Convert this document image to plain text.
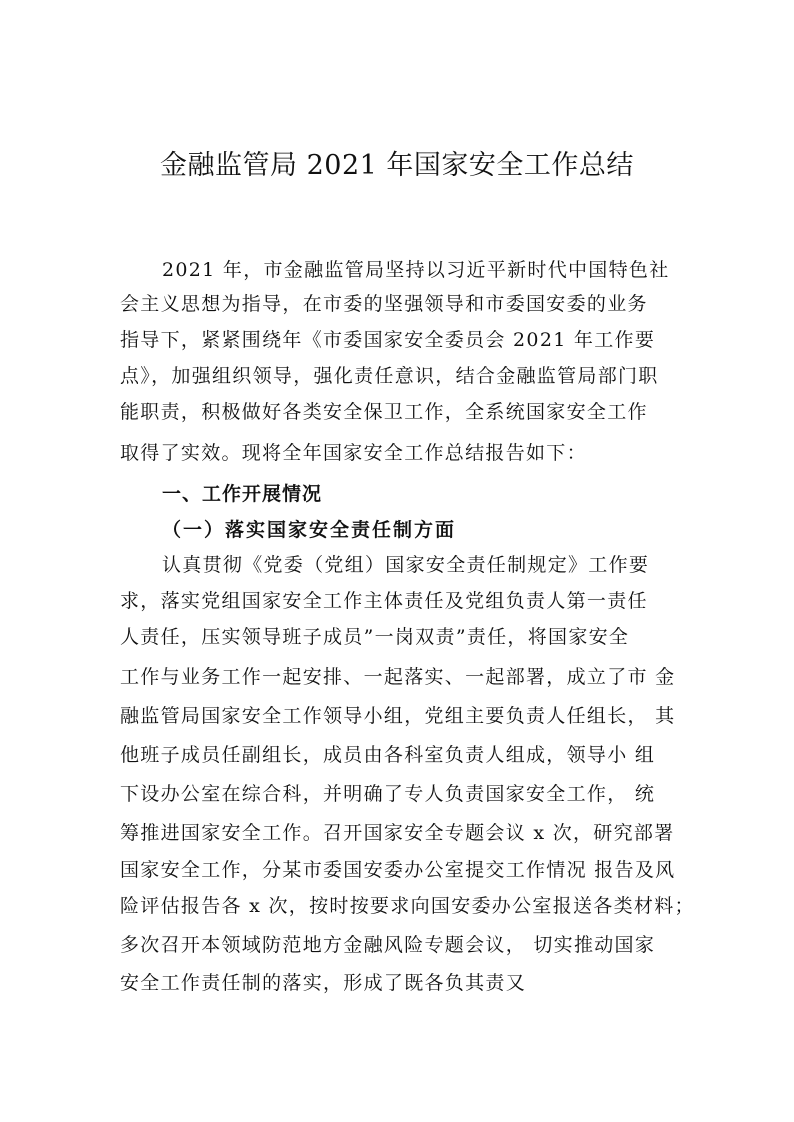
金融监管局 2021 年国家安全工作总结
2021 年，市金融监管局坚持以习近平新时代中国特色社
会主义思想为指导，在市委的坚强领导和市委国安委的业务
指导下，紧紧围绕年《市委国家安全委员会 2021 年工作要
点》，加强组织领导，强化责任意识，结合金融监管局部门职
能职责，积极做好各类安全保卫工作，全系统国家安全工作
取得了实效。现将全年国家安全工作总结报告如下：
一、工作开展情况
（一）落实国家安全责任制方面
认真贯彻《党委（党组）国家安全责任制规定》工作要
求，落实党组国家安全工作主体责任及党组负责人第一责任
人责任，压实领导班子成员”一岗双责”责任，将国家安全
工作与业务工作一起安排、一起落实、一起部署，成立了市 金
融监管局国家安全工作领导小组，党组主要负责人任组长， 其
他班子成员任副组长，成员由各科室负责人组成，领导小 组
下设办公室在综合科，并明确了专人负责国家安全工作， 统
筹推进国家安全工作。召开国家安全专题会议 x 次，研究部署
国家安全工作，分某市委国安委办公室提交工作情况 报告及风
险评估报告各 x 次，按时按要求向国安委办公室报送各类材料；
多次召开本领域防范地方金融风险专题会议， 切实推动国家
安全工作责任制的落实，形成了既各负其责又
